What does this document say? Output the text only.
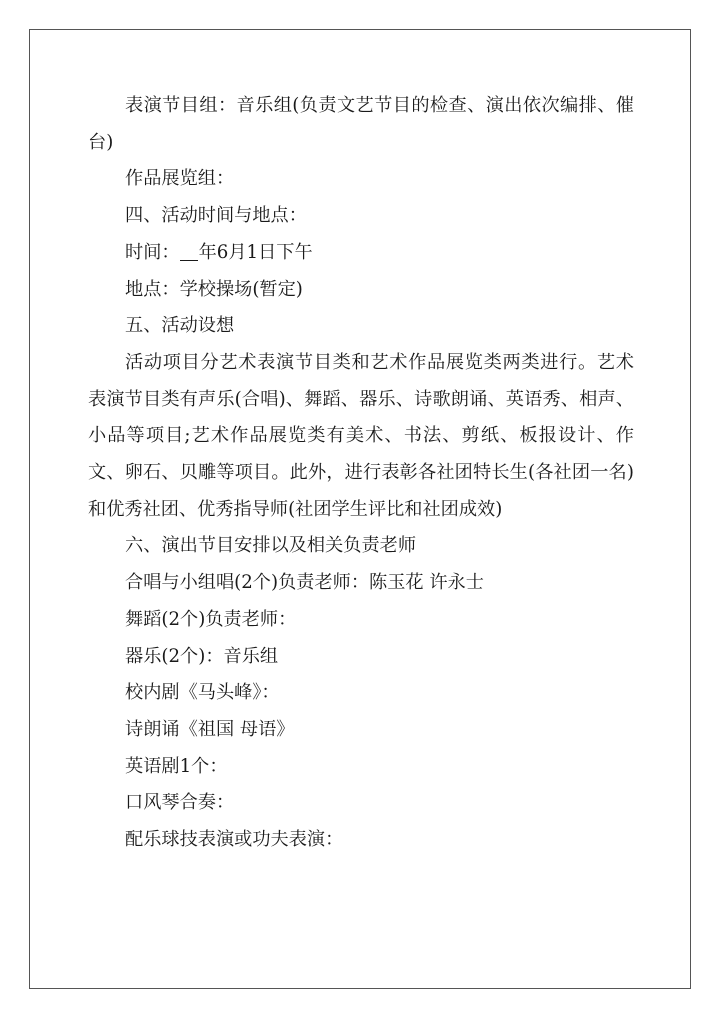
表演节目组：音乐组(负责文艺节目的检查、演出依次编排、催台)

作品展览组：

四、活动时间与地点：

时间： 年6月1日下午

地点：学校操场(暂定)

五、活动设想

活动项目分艺术表演节目类和艺术作品展览类两类进行。艺术表演节目类有声乐(合唱)、舞蹈、器乐、诗歌朗诵、英语秀、相声、小品等项目;艺术作品展览类有美术、书法、剪纸、板报设计、作文、卵石、贝雕等项目。此外，进行表彰各社团特长生(各社团一名)和优秀社团、优秀指导师(社团学生评比和社团成效)

六、演出节目安排以及相关负责老师

合唱与小组唱(2个)负责老师：陈玉花 许永士

舞蹈(2个)负责老师：

器乐(2个)：音乐组

校内剧《马头峰》：

诗朗诵《祖国 母语》

英语剧1个：

口风琴合奏：

配乐球技表演或功夫表演：
